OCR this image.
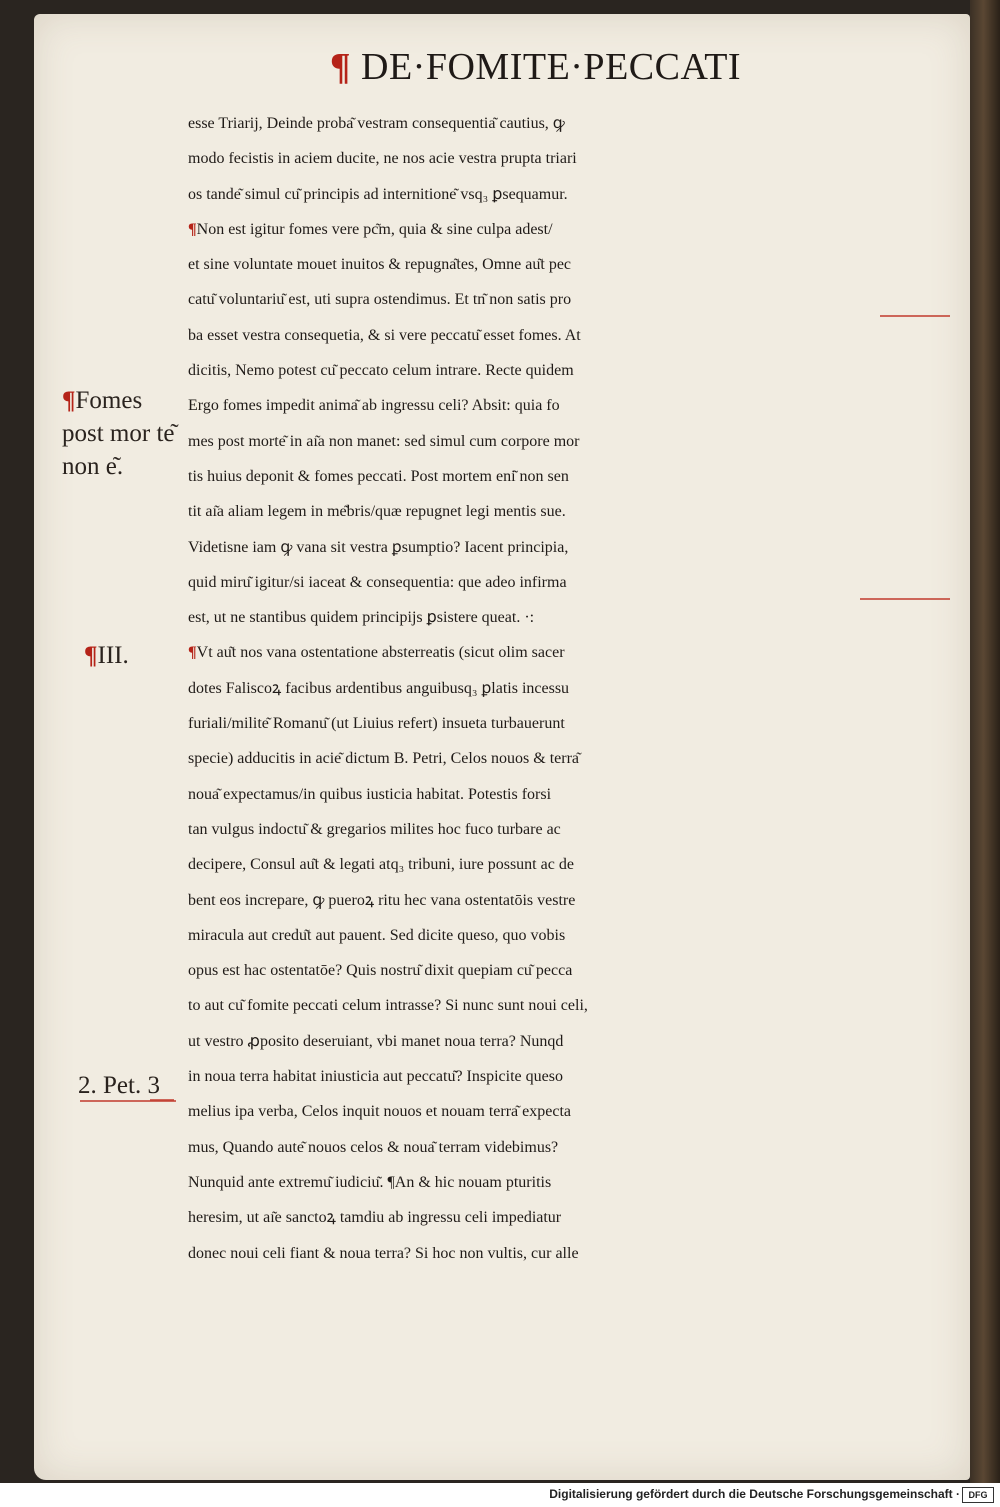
¶ DE·FOMITE·PECCATI
esse Triarij, Deinde proba͂ vestram consequentia͂ cautius, ꝙ
modo fecistis in aciem ducite, ne nos acie vestra prupta triari
os tande͂ simul cu͂ principis ad internitione͂ vsq₃ ꝑsequamur.
¶Non est igitur fomes vere pc͂m, quia & sine culpa adest/
et sine voluntate mouet inuitos & repugna͂tes, Omne au͂t pec
catu͂ voluntariu͂ est, uti supra ostendimus. Et tn͂ non satis pro
ba esset vestra consequetia, & si vere peccatu͂ esset fomes. At
dicitis, Nemo potest cu͂ peccato celum intrare. Recte quidem
Ergo fomes impedit anima͂ ab ingressu celi? Absit: quia fo
mes post morte͂ in aı͂a non manet: sed simul cum corpore mor
tis huius deponit & fomes peccati. Post mortem eni͂ non sen
tit aı͂a aliam legem in me͂bris/quæ repugnet legi mentis sue.
Videtisne iam ꝙ vana sit vestra ꝑsumptio? Iacent principia,
quid miru͂ igitur/si iaceat & consequentia: que adeo infirma
est, ut ne stantibus quidem principijs ꝑsistere queat. ·:
¶Vt au͂t nos vana ostentatione absterreatis (sicut olim sacer
dotes Faliscoꝝ facibus ardentibus anguibusq₃ ꝑlatis incessu
furiali/milite͂ Romanu͂ (ut Liuius refert) insueta turbauerunt
specie) adducitis in acie͂ dictum B. Petri, Celos nouos & terra͂
noua͂ expectamus/in quibus iusticia habitat. Potestis forsi
tan vulgus indoctu͂ & gregarios milites hoc fuco turbare ac
decipere, Consul au͂t & legati atq₃ tribuni, iure possunt ac de
bent eos increpare, ꝙ pueroꝝ ritu hec vana ostentatōis vestre
miracula aut credu͂t aut pauent. Sed dicite queso, quo vobis
opus est hac ostentatōe? Quis nostru͂ dixit quepiam cu͂ pecca
to aut cu͂ fomite peccati celum intrasse? Si nunc sunt noui celi,
ut vestro ꝓposito deseruiant, vbi manet noua terra? Nunqd
in noua terra habitat iniusticia aut peccatu͂? Inspicite queso
melius ipa verba, Celos inquit nouos et nouam terra͂ expecta
mus, Quando aute͂ nouos celos & noua͂ terram videbimus?
Nunquid ante extremu͂ iudiciu͂. ¶An & hic nouam pturitis
heresim, ut aı͂e sanctoꝝ tamdiu ab ingressu celi impediatur
donec noui celi fiant & noua terra? Si hoc non vultis, cur alle
¶Fomes post mor te͂ non e͂.
¶III.
2. Pet. 3
Digitalisierung gefördert durch die Deutsche Forschungsgemeinschaft · DFG
